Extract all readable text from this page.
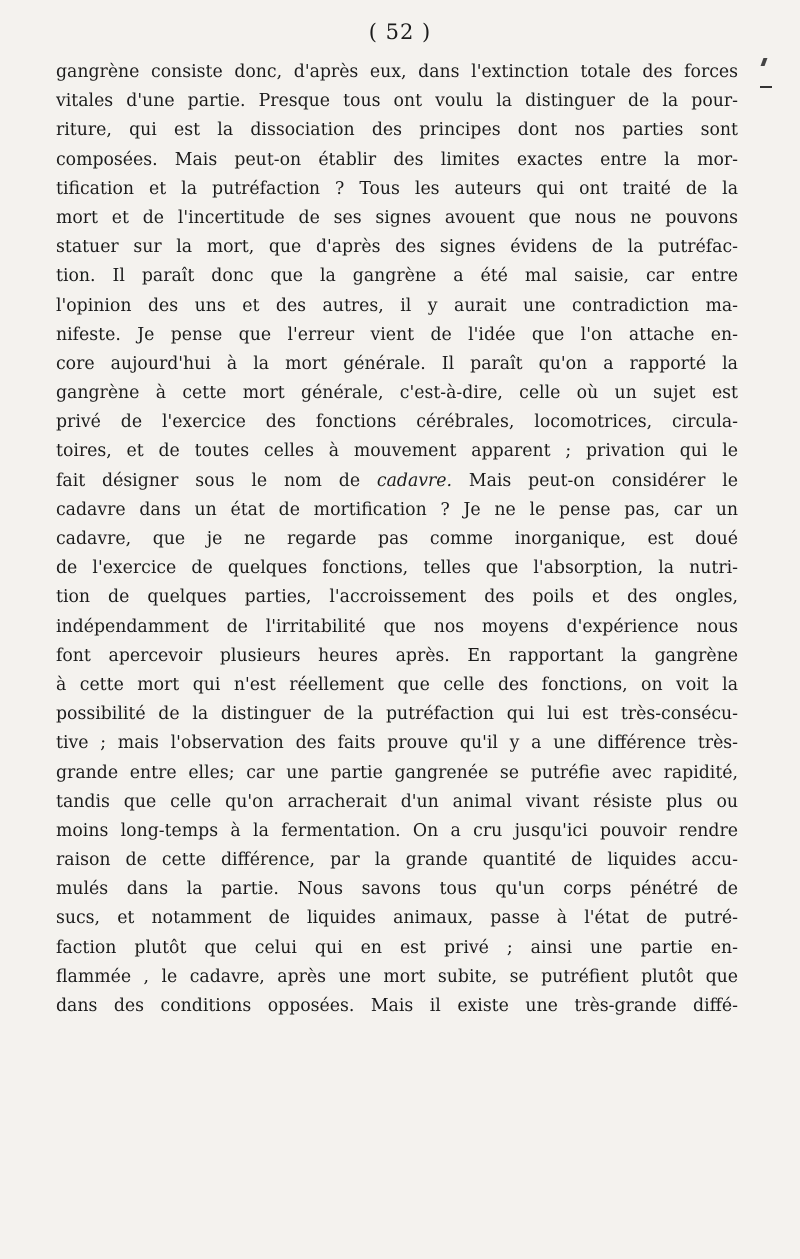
( 52 )
gangrène consiste donc, d'après eux, dans l'extinction totale des forces
vitales d'une partie. Presque tous ont voulu la distinguer de la pour-
riture, qui est la dissociation des principes dont nos parties sont
composées. Mais peut-on établir des limites exactes entre la mor-
tification et la putréfaction ? Tous les auteurs qui ont traité de la
mort et de l'incertitude de ses signes avouent que nous ne pouvons
statuer sur la mort, que d'après des signes évidens de la putréfac-
tion. Il paraît donc que la gangrène a été mal saisie, car entre
l'opinion des uns et des autres, il y aurait une contradiction ma-
nifeste. Je pense que l'erreur vient de l'idée que l'on attache en-
core aujourd'hui à la mort générale. Il paraît qu'on a rapporté la
gangrène à cette mort générale, c'est-à-dire, celle où un sujet est
privé de l'exercice des fonctions cérébrales, locomotrices, circula-
toires, et de toutes celles à mouvement apparent ; privation qui le
fait désigner sous le nom de cadavre. Mais peut-on considérer le
cadavre dans un état de mortification ? Je ne le pense pas, car un
cadavre, que je ne regarde pas comme inorganique, est doué
de l'exercice de quelques fonctions, telles que l'absorption, la nutri-
tion de quelques parties, l'accroissement des poils et des ongles,
indépendamment de l'irritabilité que nos moyens d'expérience nous
font apercevoir plusieurs heures après. En rapportant la gangrène
à cette mort qui n'est réellement que celle des fonctions, on voit la
possibilité de la distinguer de la putréfaction qui lui est très-consécu-
tive ; mais l'observation des faits prouve qu'il y a une différence très-
grande entre elles; car une partie gangrenée se putréfie avec rapidité,
tandis que celle qu'on arracherait d'un animal vivant résiste plus ou
moins long-temps à la fermentation. On a cru jusqu'ici pouvoir rendre
raison de cette différence, par la grande quantité de liquides accu-
mulés dans la partie. Nous savons tous qu'un corps pénétré de
sucs, et notamment de liquides animaux, passe à l'état de putré-
faction plutôt que celui qui en est privé ; ainsi une partie en-
flammée , le cadavre, après une mort subite, se putréfient plutôt que
dans des conditions opposées. Mais il existe une très-grande diffé-
